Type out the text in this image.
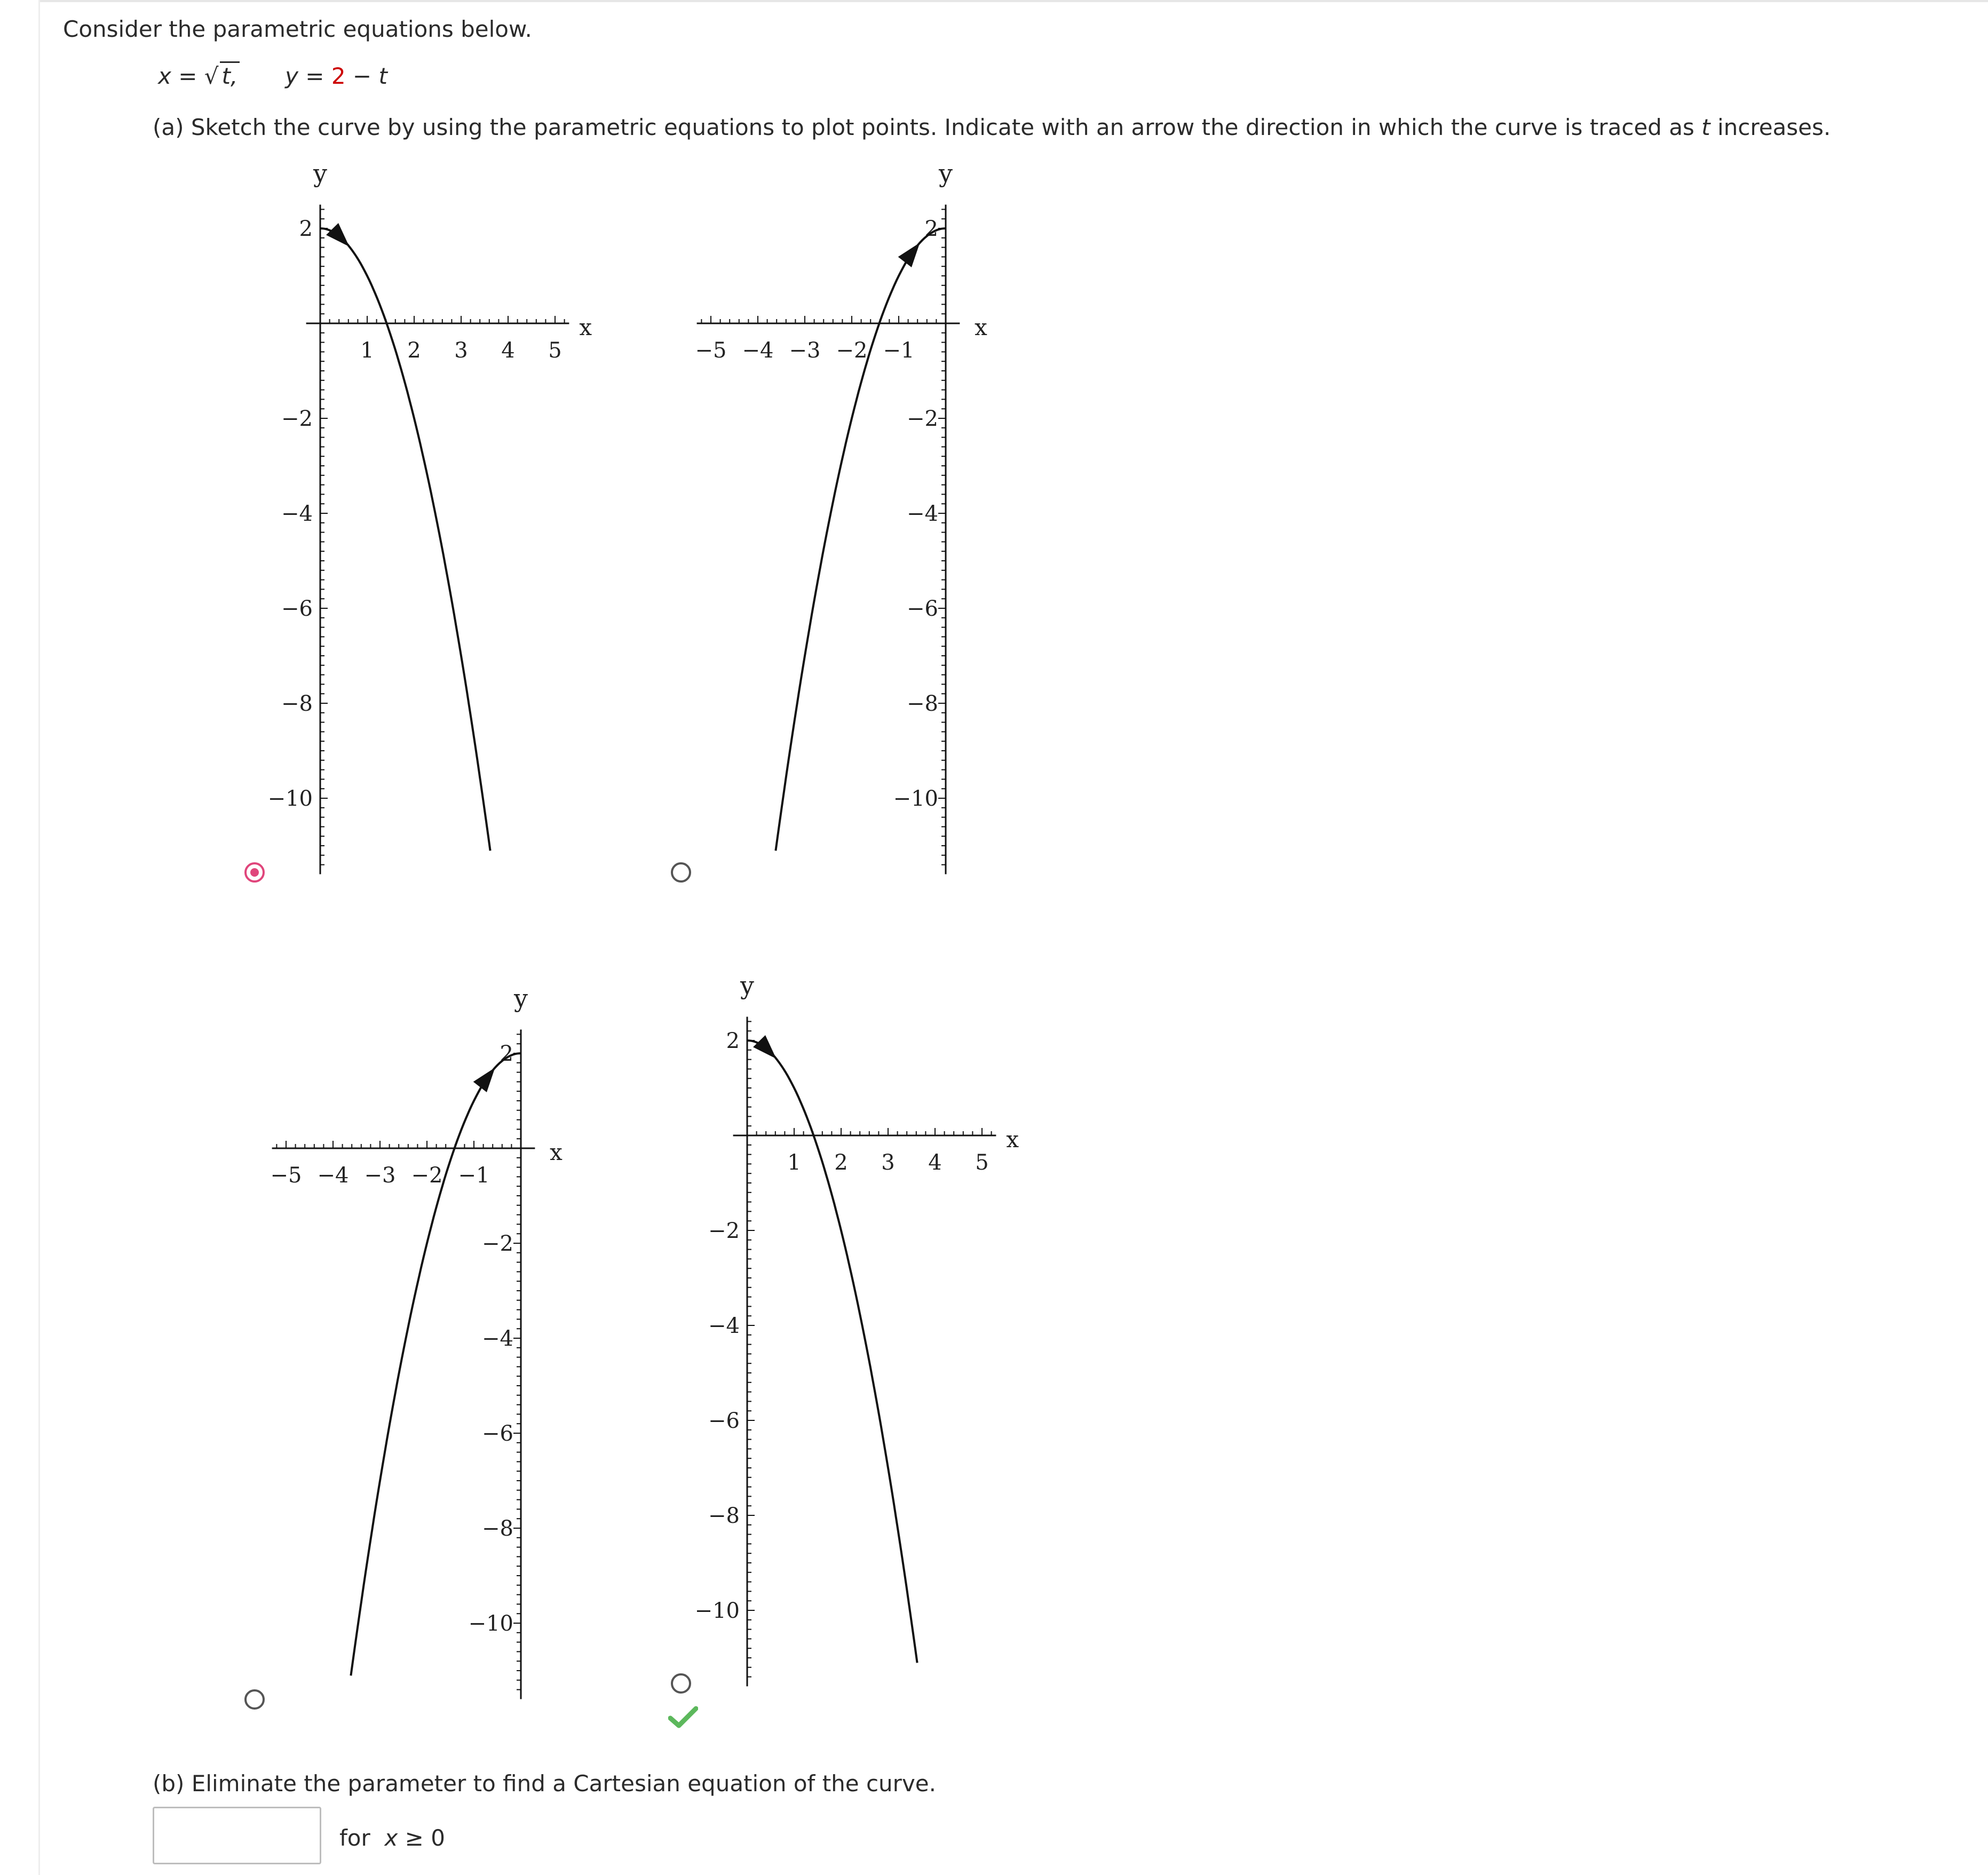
Consider the parametric equations below.
x = √ t, y = 2 − t
(a) Sketch the curve by using the parametric equations to plot points. Indicate with an arrow the direction in which the curve is traced as t increases.
1 2 3 4 5
2
−2
−4
−6
−8
−10
x
y
−1
−2
−3
−4
−5
2
−2
−4
−6
−8
−10
x
y
−1
−2
−3
−4
−5
2
−2
−4
−6
−8
−10
x
y
1 2 3 4 5
2
−2
−4
−6
−8
−10
x
y
(b) Eliminate the parameter to find a Cartesian equation of the curve.
for x ≥ 0
